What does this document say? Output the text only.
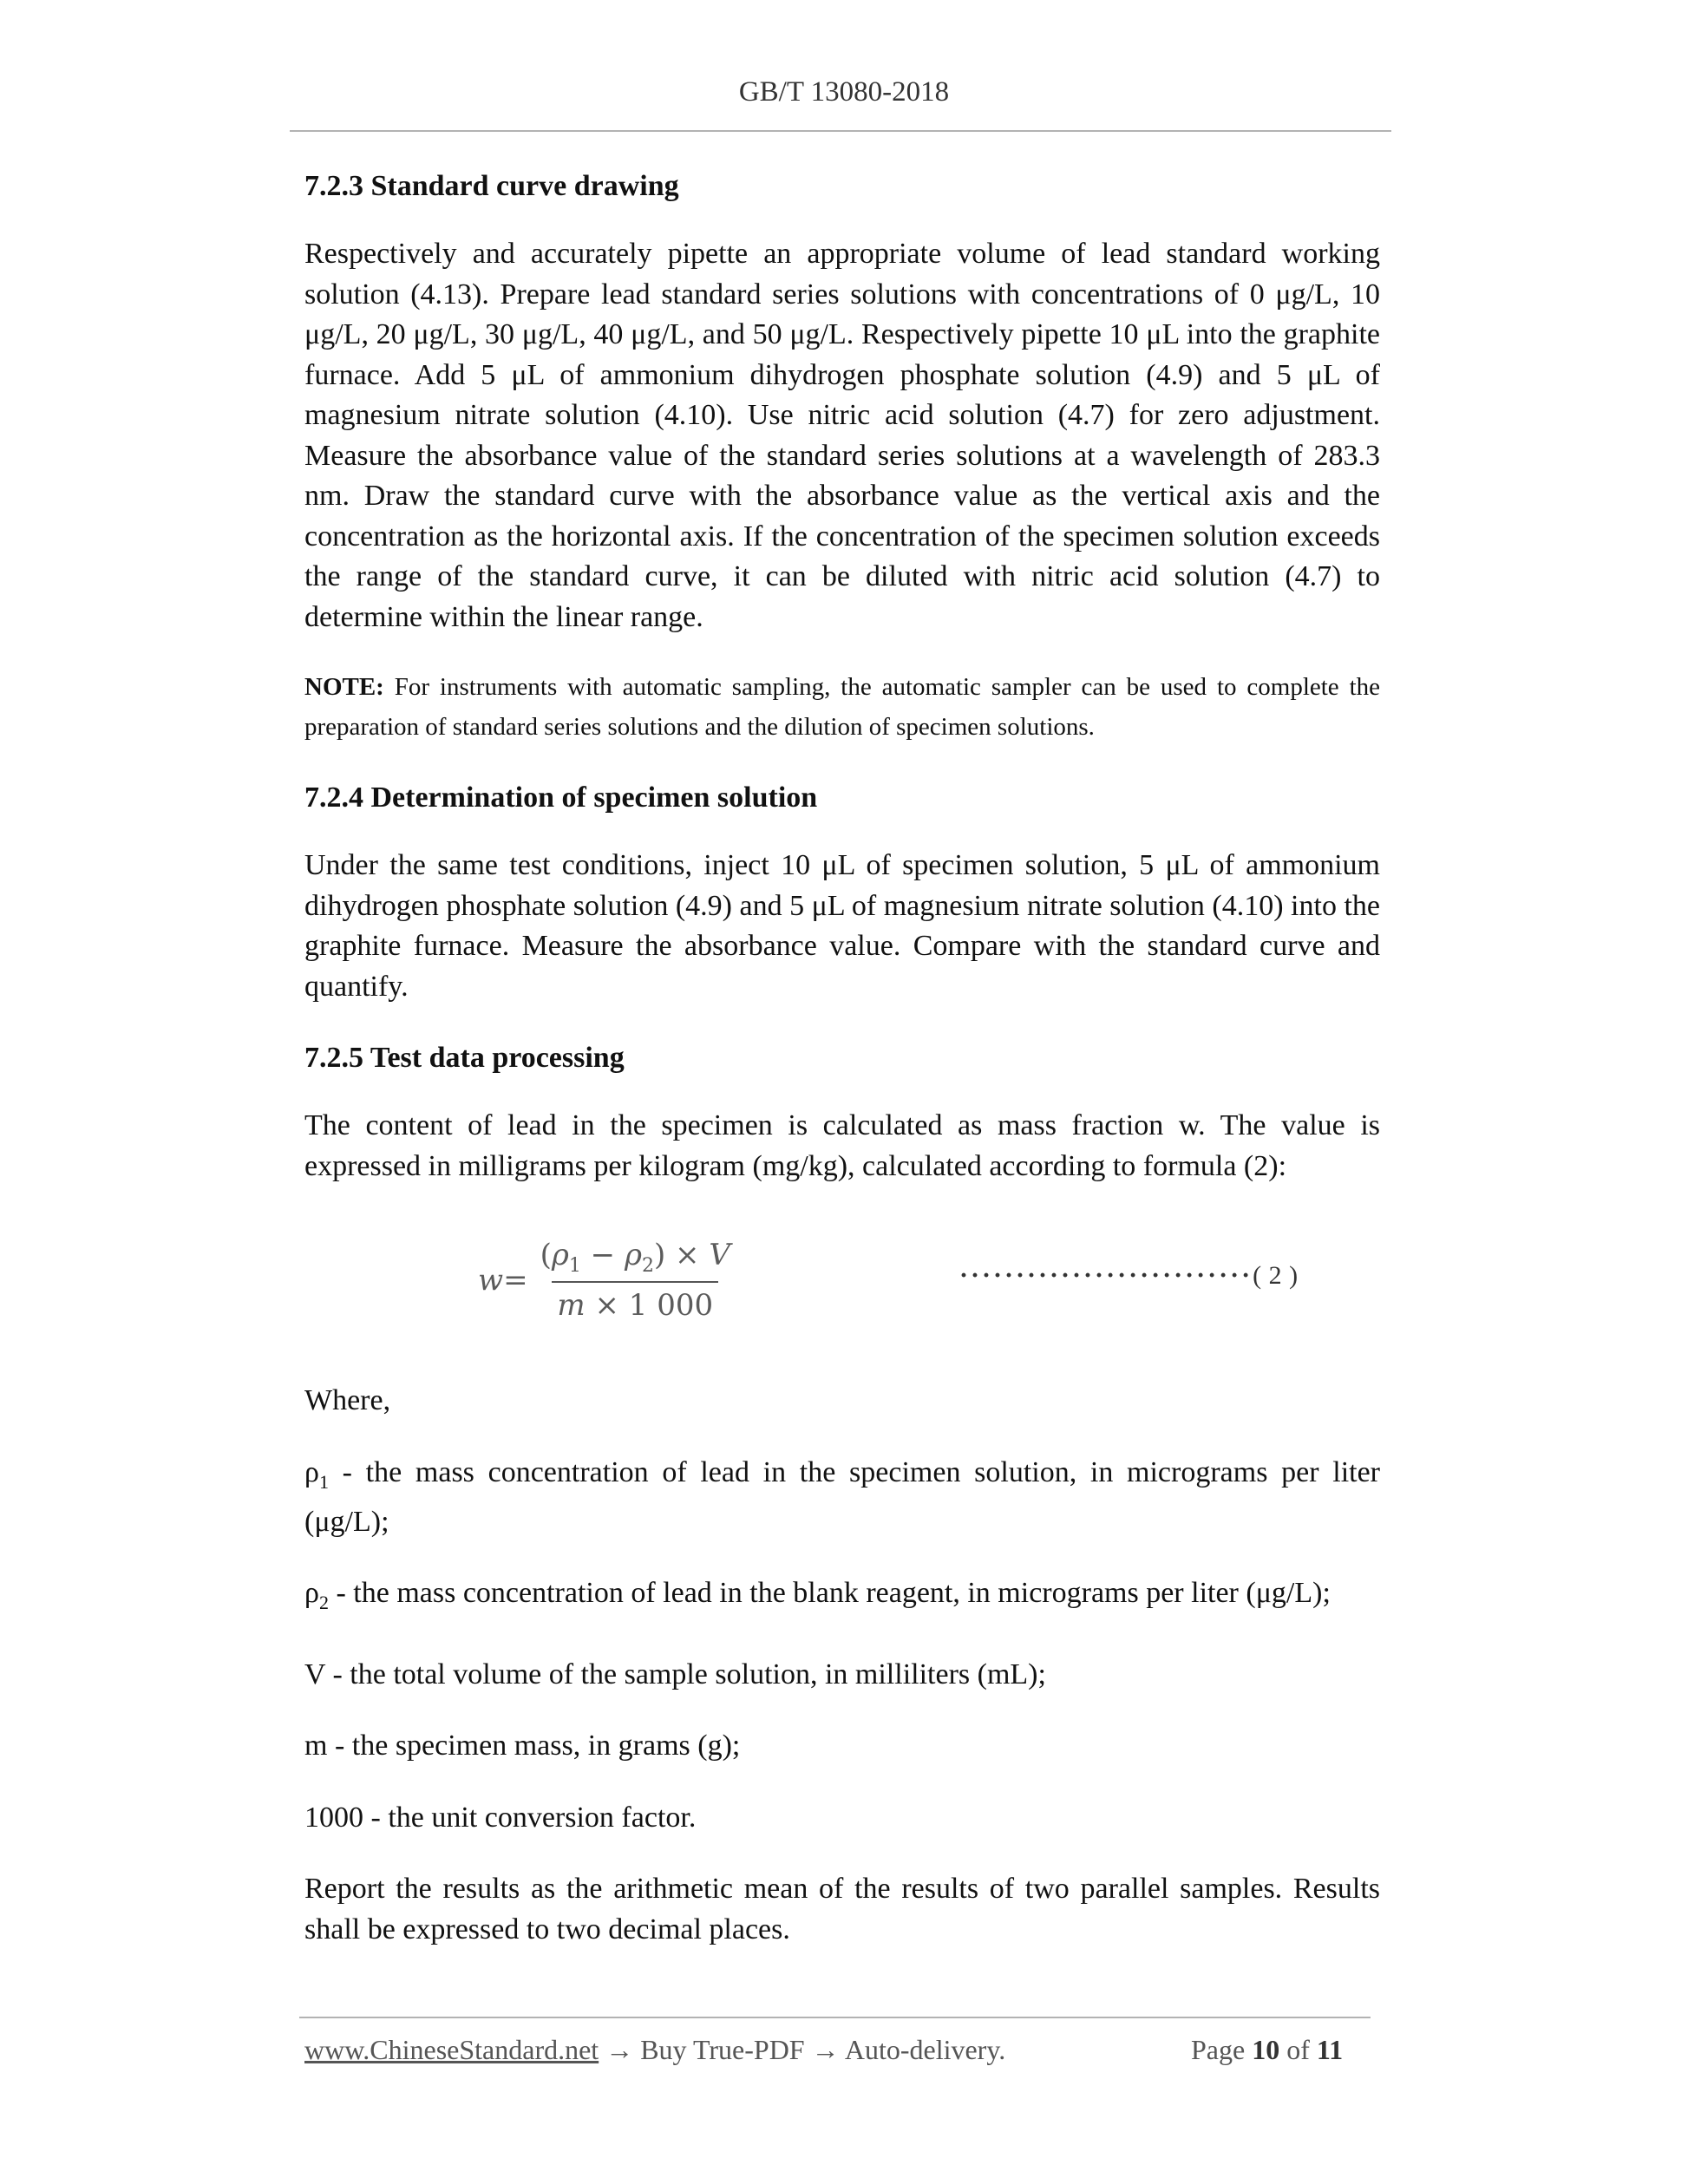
GB/T 13080-2018
7.2.3 Standard curve drawing

Respectively and accurately pipette an appropriate volume of lead standard working solution (4.13). Prepare lead standard series solutions with concentrations of 0 μg/L, 10 μg/L, 20 μg/L, 30 μg/L, 40 μg/L, and 50 μg/L. Respectively pipette 10 μL into the graphite furnace. Add 5 μL of ammonium dihydrogen phosphate solution (4.9) and 5 μL of magnesium nitrate solution (4.10). Use nitric acid solution (4.7) for zero adjustment. Measure the absorbance value of the standard series solutions at a wavelength of 283.3 nm. Draw the standard curve with the absorbance value as the vertical axis and the concentration as the horizontal axis. If the concentration of the specimen solution exceeds the range of the standard curve, it can be diluted with nitric acid solution (4.7) to determine within the linear range.

NOTE: For instruments with automatic sampling, the automatic sampler can be used to complete the preparation of standard series solutions and the dilution of specimen solutions.

7.2.4 Determination of specimen solution

Under the same test conditions, inject 10 μL of specimen solution, 5 μL of ammonium dihydrogen phosphate solution (4.9) and 5 μL of magnesium nitrate solution (4.10) into the graphite furnace. Measure the absorbance value. Compare with the standard curve and quantify.

7.2.5 Test data processing

The content of lead in the specimen is calculated as mass fraction w. The value is expressed in milligrams per kilogram (mg/kg), calculated according to formula (2):

$w = \frac{(\rho_1 - \rho_2) \times V}{m \times 1 000}$	··························( 2 )

Where,

$\rho_1$ - the mass concentration of lead in the specimen solution, in micrograms per liter (μg/L);

$\rho_2$ - the mass concentration of lead in the blank reagent, in micrograms per liter (μg/L);

V - the total volume of the sample solution, in milliliters (mL);

m - the specimen mass, in grams (g);

1000 - the unit conversion factor.

Report the results as the arithmetic mean of the results of two parallel samples. Results shall be expressed to two decimal places.

www.ChineseStandard.net → Buy True-PDF → Auto-delivery.	Page 10 of 11
